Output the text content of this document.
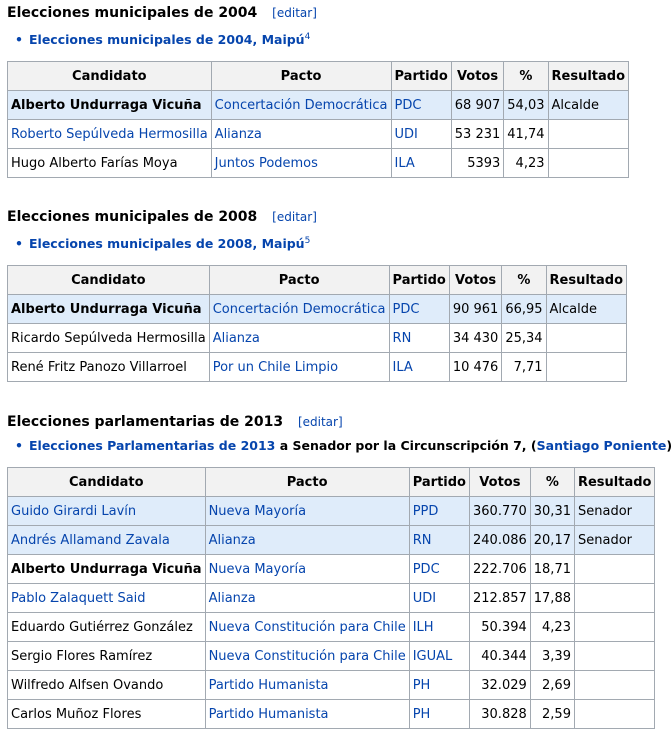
Elecciones municipales de 2004 [editar]
• Elecciones municipales de 2004, Maipú$^4$
Candidato	Pacto	Partido	Votos	%	Resultado
Alberto Undurraga Vicuña	Concertación Democrática	PDC	68 907	54,03	Alcalde
Roberto Sepúlveda Hermosilla	Alianza	UDI	53 231	41,74	
Hugo Alberto Farías Moya	Juntos Podemos	ILA	5393	4,23	
Elecciones municipales de 2008 [editar]
• Elecciones municipales de 2008, Maipú$^5$
Candidato	Pacto	Partido	Votos	%	Resultado
Alberto Undurraga Vicuña	Concertación Democrática	PDC	90 961	66,95	Alcalde
Ricardo Sepúlveda Hermosilla	Alianza	RN	34 430	25,34	
René Fritz Panozo Villarroel	Por un Chile Limpio	ILA	10 476	7,71	
Elecciones parlamentarias de 2013 [editar]
• Elecciones Parlamentarias de 2013 a Senador por la Circunscripción 7, (Santiago Poniente)
Candidato	Pacto	Partido	Votos	%	Resultado
Guido Girardi Lavín	Nueva Mayoría	PPD	360.770	30,31	Senador
Andrés Allamand Zavala	Alianza	RN	240.086	20,17	Senador
Alberto Undurraga Vicuña	Nueva Mayoría	PDC	222.706	18,71	
Pablo Zalaquett Said	Alianza	UDI	212.857	17,88	
Eduardo Gutiérrez González	Nueva Constitución para Chile	ILH	50.394	4,23	
Sergio Flores Ramírez	Nueva Constitución para Chile	IGUAL	40.344	3,39	
Wilfredo Alfsen Ovando	Partido Humanista	PH	32.029	2,69	
Carlos Muñoz Flores	Partido Humanista	PH	30.828	2,59	
